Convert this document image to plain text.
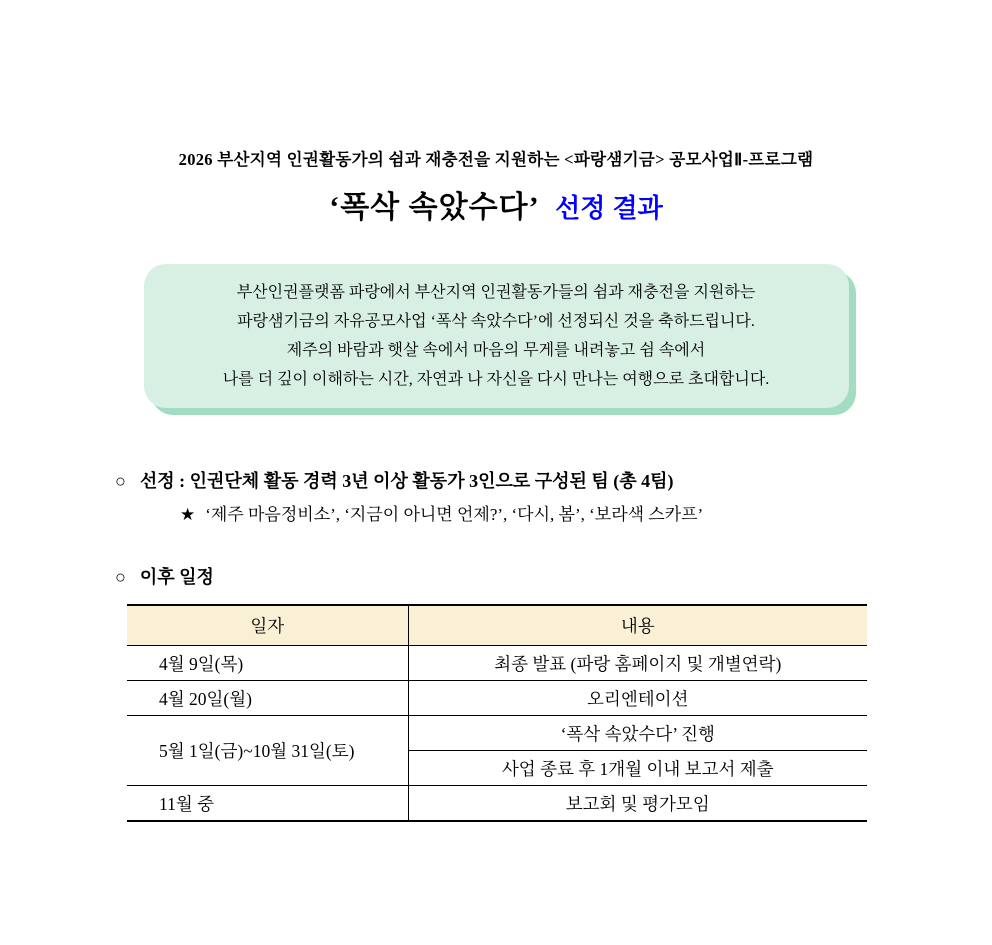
2026 부산지역 인권활동가의 쉼과 재충전을 지원하는 <파랑샘기금> 공모사업Ⅱ-프로그램
‘폭삭 속았수다’ 선정 결과

부산인권플랫폼 파랑에서 부산지역 인권활동가들의 쉼과 재충전을 지원하는

파랑샘기금의 자유공모사업 ‘폭삭 속았수다’에 선정되신 것을 축하드립니다.

제주의 바람과 햇살 속에서 마음의 무게를 내려놓고 쉼 속에서

나를 더 깊이 이해하는 시간, 자연과 나 자신을 다시 만나는 여행으로 초대합니다.

○ 선정 : 인권단체 활동 경력 3년 이상 활동가 3인으로 구성된 팀 (총 4팀)
★ ‘제주 마음정비소’, ‘지금이 아니면 언제?’, ‘다시, 봄’, ‘보라색 스카프’
○ 이후 일정
일자	내용
4월 9일(목)	최종 발표 (파랑 홈페이지 및 개별연락)
4월 20일(월)	오리엔테이션
5월 1일(금)~10월 31일(토)	‘폭삭 속았수다’ 진행
	사업 종료 후 1개월 이내 보고서 제출
11월 중	보고회 및 평가모임
